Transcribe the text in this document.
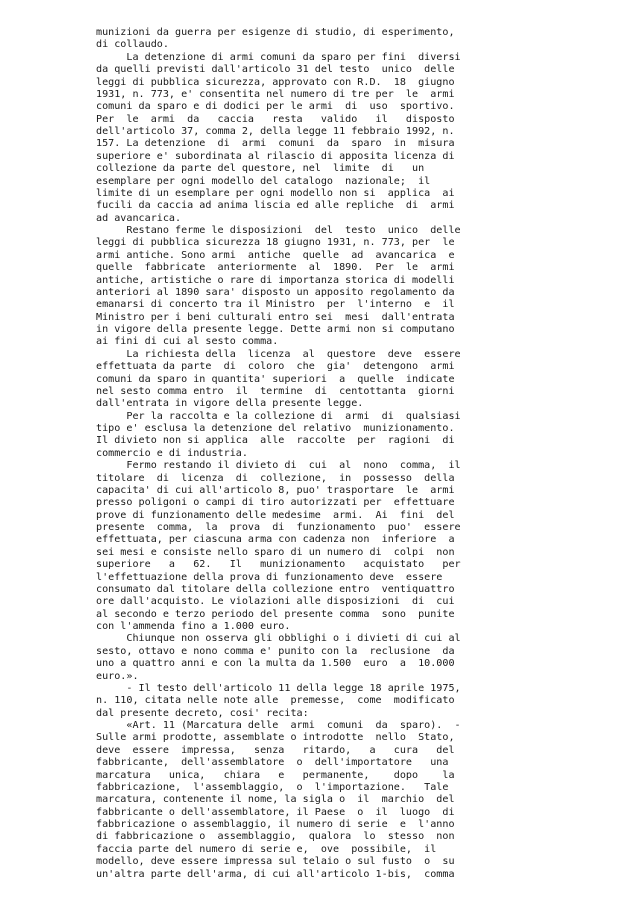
munizioni da guerra per esigenze di studio, di esperimento,
di collaudo.
La detenzione di armi comuni da sparo per fini  diversi
da quelli previsti dall'articolo 31 del testo  unico  delle
leggi di pubblica sicurezza, approvato con R.D.  18  giugno
1931, n. 773, e' consentita nel numero di tre per  le  armi
comuni da sparo e di dodici per le armi  di  uso  sportivo.
Per  le  armi  da   caccia   resta   valido   il   disposto
dell'articolo 37, comma 2, della legge 11 febbraio 1992, n.
157. La detenzione  di  armi  comuni  da  sparo  in  misura
superiore e' subordinata al rilascio di apposita licenza di
collezione da parte del questore, nel  limite  di   un
esemplare per ogni modello del catalogo  nazionale;  il
limite di un esemplare per ogni modello non si  applica  ai
fucili da caccia ad anima liscia ed alle repliche  di  armi
ad avancarica.
Restano ferme le disposizioni  del  testo  unico  delle
leggi di pubblica sicurezza 18 giugno 1931, n. 773, per  le
armi antiche. Sono armi  antiche  quelle  ad  avancarica  e
quelle  fabbricate  anteriormente  al  1890.  Per  le  armi
antiche, artistiche o rare di importanza storica di modelli
anteriori al 1890 sara' disposto un apposito regolamento da
emanarsi di concerto tra il Ministro  per  l'interno  e  il
Ministro per i beni culturali entro sei  mesi  dall'entrata
in vigore della presente legge. Dette armi non si computano
ai fini di cui al sesto comma.
La richiesta della  licenza  al  questore  deve  essere
effettuata da parte  di  coloro  che  gia'  detengono  armi
comuni da sparo in quantita' superiori  a  quelle  indicate
nel sesto comma entro  il  termine  di  centottanta  giorni
dall'entrata in vigore della presente legge.
Per la raccolta e la collezione di  armi  di  qualsiasi
tipo e' esclusa la detenzione del relativo  munizionamento.
Il divieto non si applica  alle  raccolte  per  ragioni  di
commercio e di industria.
Fermo restando il divieto di  cui  al  nono  comma,  il
titolare  di  licenza  di  collezione,  in  possesso  della
capacita' di cui all'articolo 8, puo' trasportare  le  armi
presso poligoni o campi di tiro autorizzati per  effettuare
prove di funzionamento delle medesime  armi.  Ai  fini  del
presente  comma,  la  prova  di  funzionamento  puo'  essere
effettuata, per ciascuna arma con cadenza non  inferiore  a
sei mesi e consiste nello sparo di un numero di  colpi  non
superiore   a   62.   Il   munizionamento   acquistato   per
l'effettuazione della prova di funzionamento deve  essere
consumato dal titolare della collezione entro  ventiquattro
ore dall'acquisto. Le violazioni alle disposizioni  di  cui
al secondo e terzo periodo del presente comma  sono  punite
con l'ammenda fino a 1.000 euro.
Chiunque non osserva gli obblighi o i divieti di cui al
sesto, ottavo e nono comma e' punito con la  reclusione  da
uno a quattro anni e con la multa da 1.500  euro  a  10.000
euro.».
- Il testo dell'articolo 11 della legge 18 aprile 1975,
n. 110, citata nelle note alle  premesse,  come  modificato
dal presente decreto, cosi' recita:
«Art. 11 (Marcatura delle  armi  comuni  da  sparo).  -
Sulle armi prodotte, assemblate o introdotte  nello  Stato,
deve  essere  impressa,   senza   ritardo,   a   cura   del
fabbricante,  dell'assemblatore  o  dell'importatore   una
marcatura   unica,   chiara   e   permanente,    dopo    la
fabbricazione,  l'assemblaggio,  o  l'importazione.   Tale
marcatura, contenente il nome, la sigla o  il  marchio  del
fabbricante o dell'assemblatore, il Paese  o  il  luogo  di
fabbricazione o assemblaggio, il numero di serie  e  l'anno
di fabbricazione o  assemblaggio,  qualora  lo  stesso  non
faccia parte del numero di serie e,  ove  possibile,  il
modello, deve essere impressa sul telaio o sul fusto  o  su
un'altra parte dell'arma, di cui all'articolo 1-bis,  comma
